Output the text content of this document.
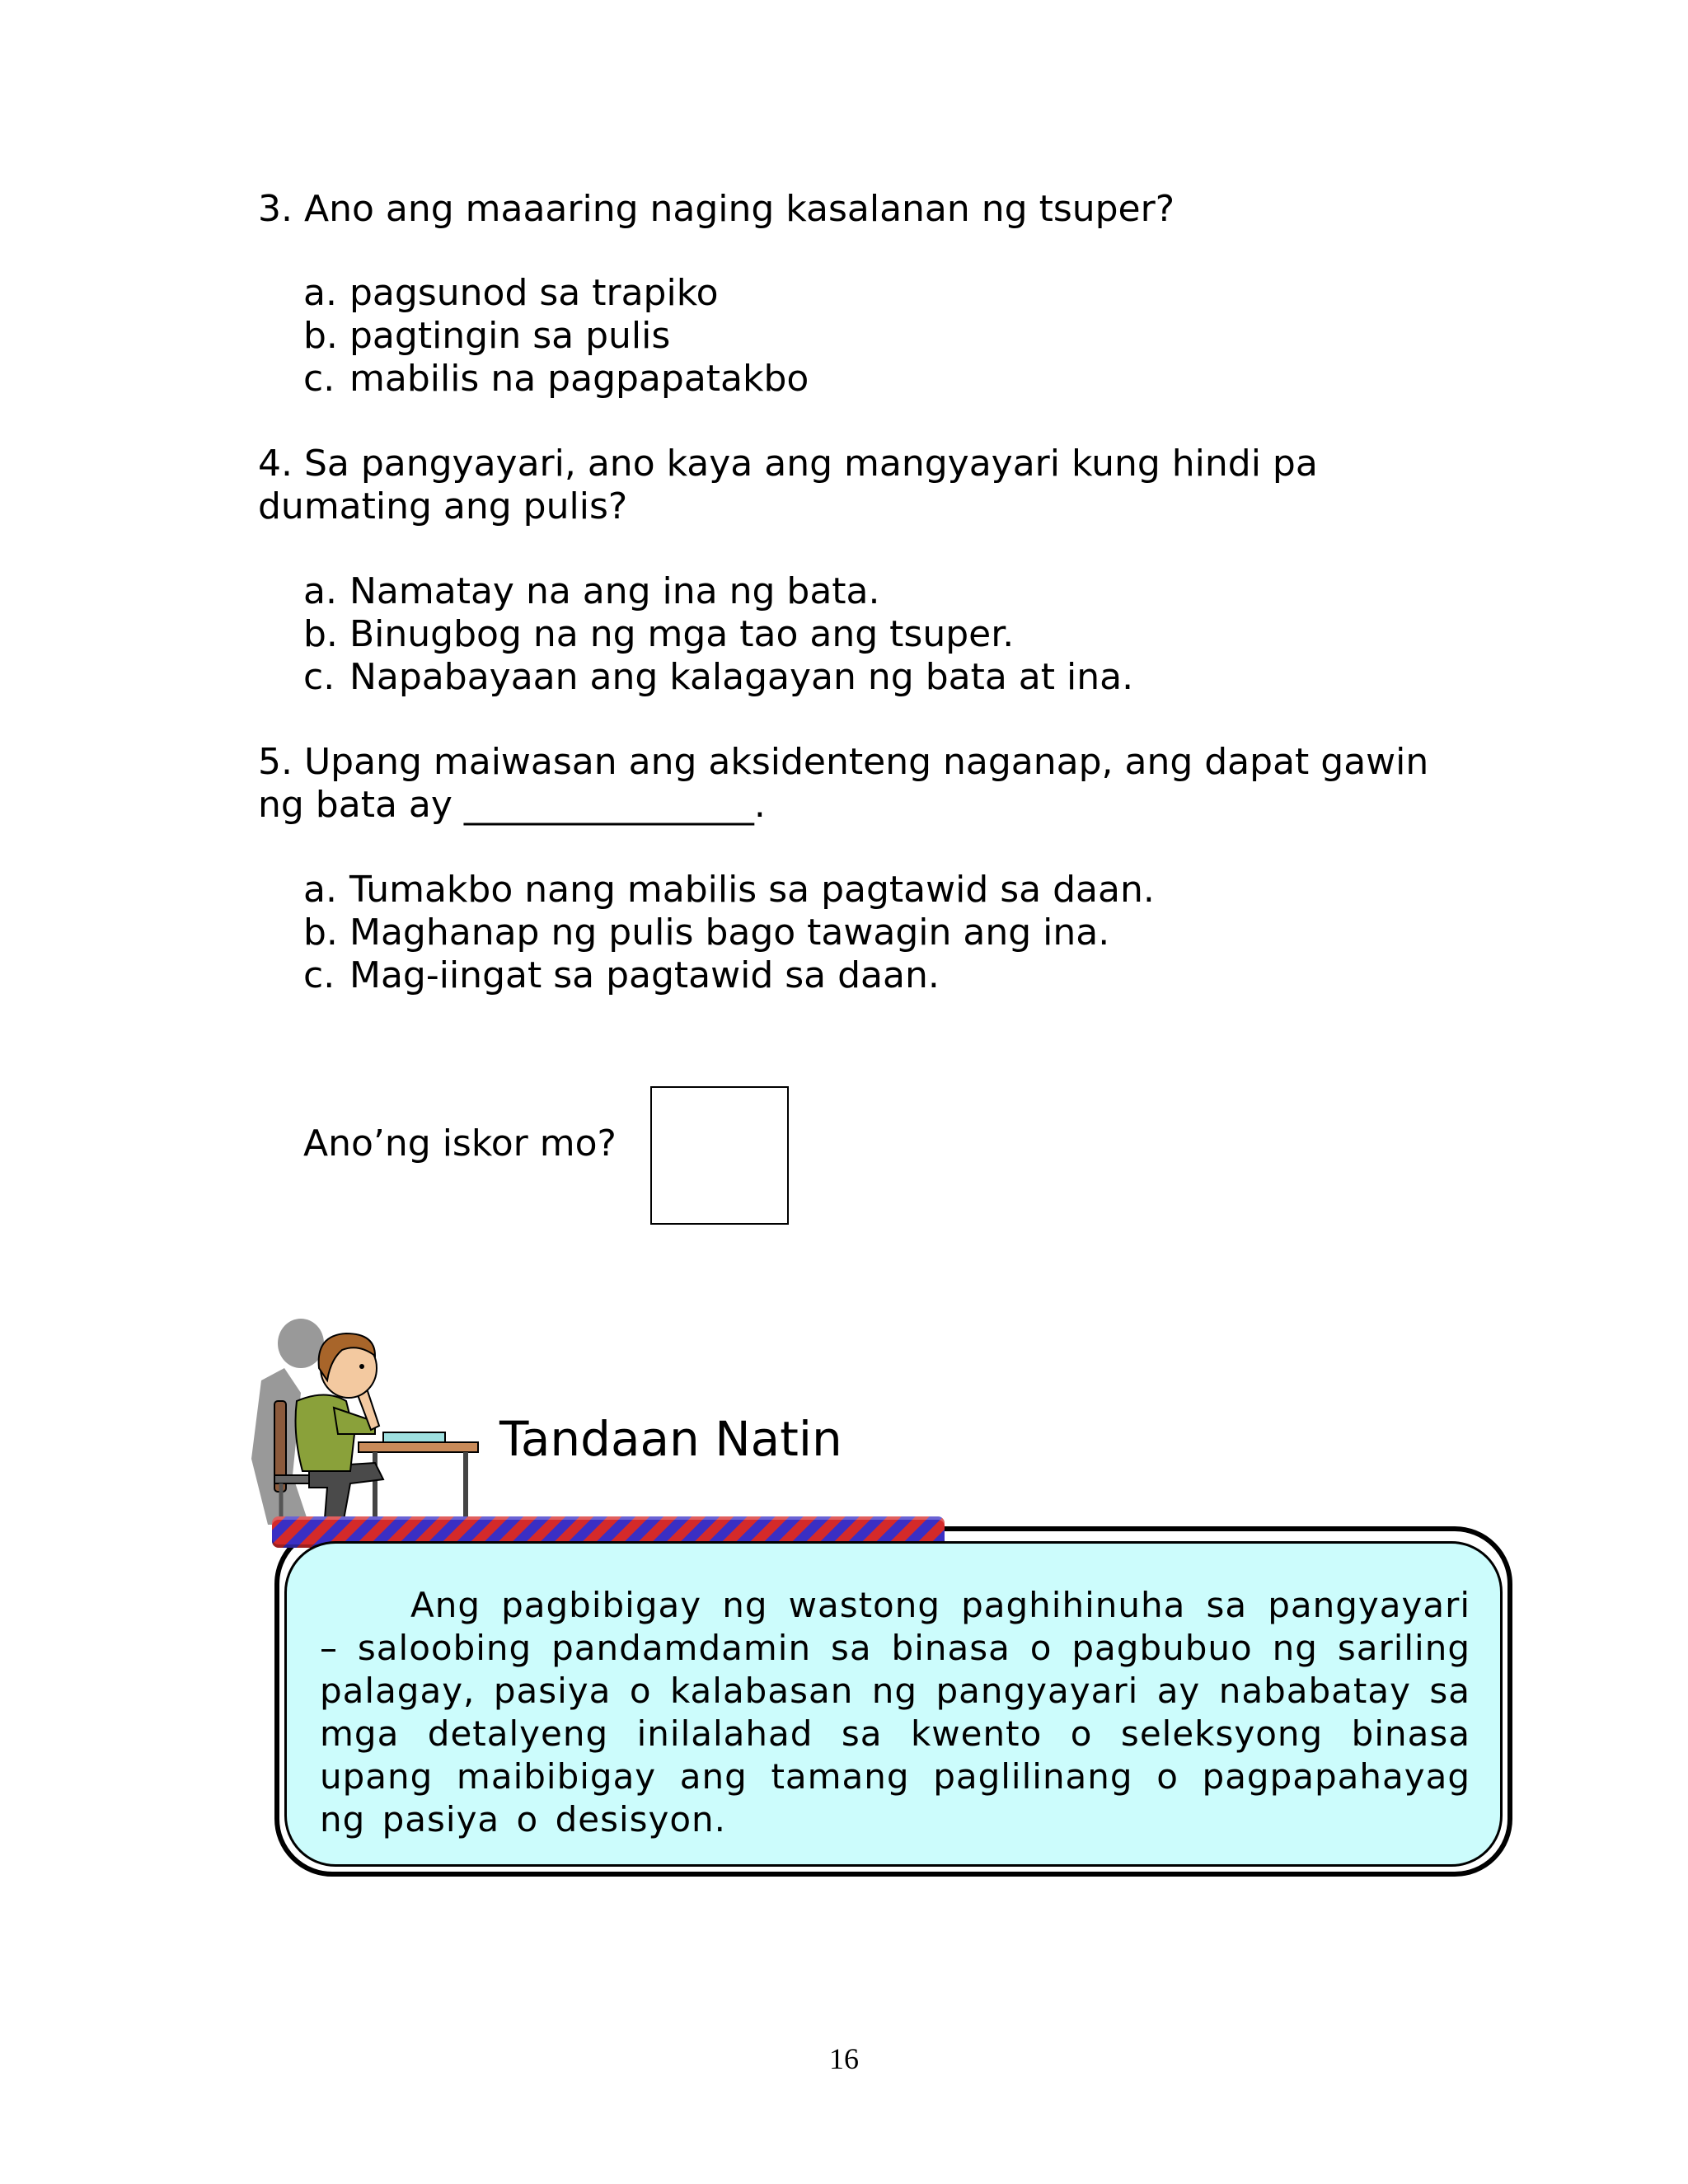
3. Ano ang maaaring naging kasalanan ng tsuper?
a. pagsunod sa trapiko
b. pagtingin sa pulis
c. mabilis na pagpapatakbo
4. Sa pangyayari, ano kaya ang mangyayari kung hindi pa dumating ang pulis?
a. Namatay na ang ina ng bata.
b. Binugbog na ng mga tao ang tsuper.
c. Napabayaan ang kalagayan ng bata at ina.
5. Upang maiwasan ang aksidenteng naganap, ang dapat gawin ng bata ay ________________.
a. Tumakbo nang mabilis sa pagtawid sa daan.
b. Maghanap ng pulis bago tawagin ang ina.
c. Mag-iingat sa pagtawid sa daan.
Ano’ng iskor mo?
Tandaan Natin
Ang pagbibigay ng wastong paghihinuha sa pangyayari – saloobing pandamdamin sa binasa o pagbubuo ng sariling palagay, pasiya o kalabasan ng pangyayari ay nababatay sa mga detalyeng inilalahad sa kwento o seleksyong binasa upang maibibigay ang tamang paglilinang o pagpapahayag ng pasiya o desisyon.
16
